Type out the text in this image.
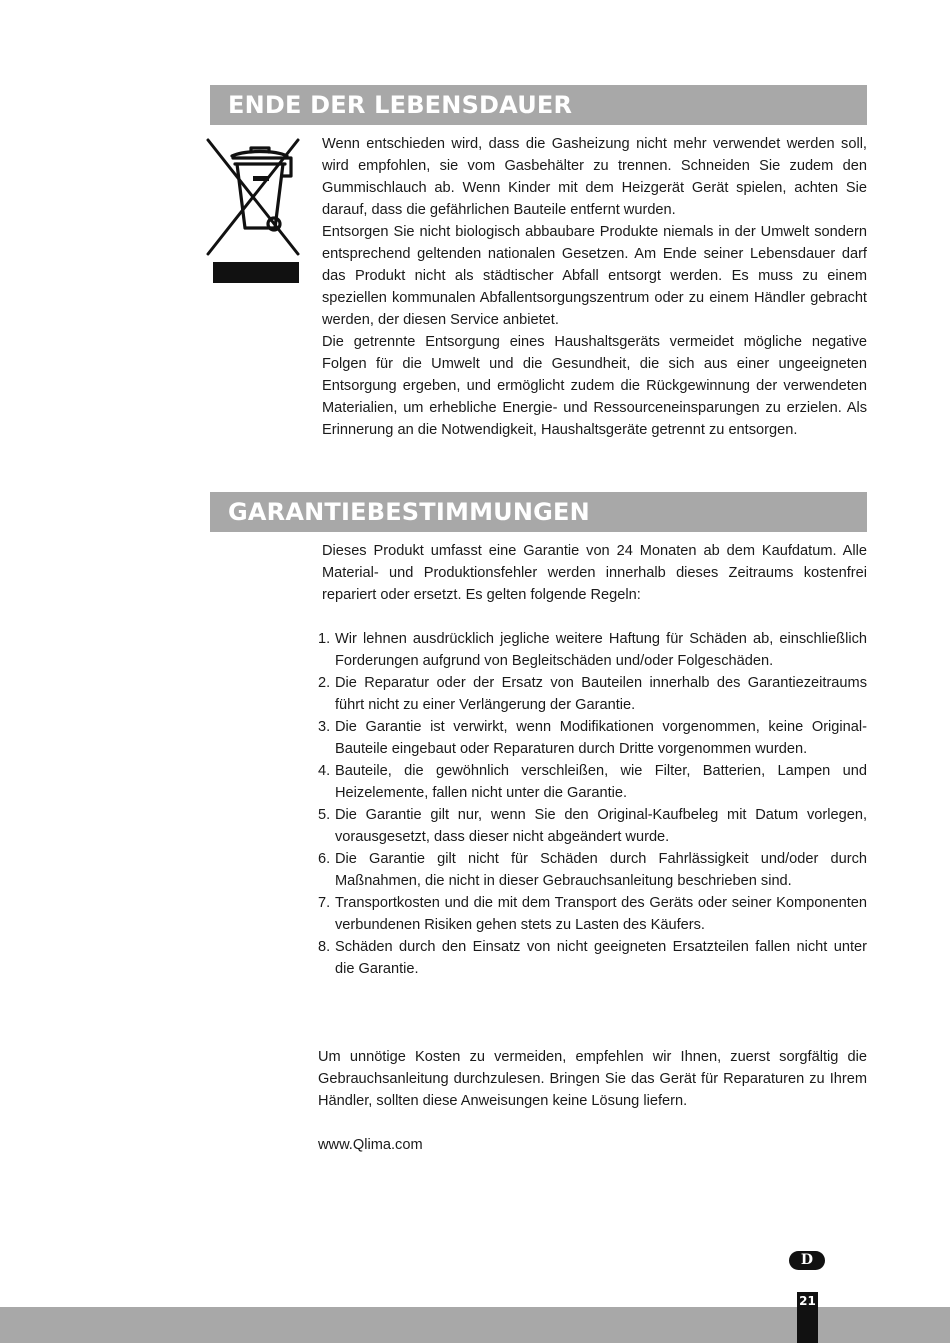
ENDE DER LEBENSDAUER

Wenn entschieden wird, dass die Gasheizung nicht mehr verwendet werden soll, wird empfohlen, sie vom Gasbehälter zu trennen. Schneiden Sie zudem den Gummischlauch ab. Wenn Kinder mit dem Heizgerät Gerät spielen, achten Sie darauf, dass die gefährlichen Bauteile entfernt wurden.

Entsorgen Sie nicht biologisch abbaubare Produkte niemals in der Umwelt sondern entsprechend geltenden nationalen Gesetzen. Am Ende seiner Lebensdauer darf das Produkt nicht als städtischer Abfall entsorgt werden. Es muss zu einem speziellen kommunalen Abfallentsorgungszentrum oder zu einem Händler gebracht werden, der diesen Service anbietet.

Die getrennte Entsorgung eines Haushaltsgeräts vermeidet mögliche negative Folgen für die Umwelt und die Gesundheit, die sich aus einer ungeeigneten Entsorgung ergeben, und ermöglicht zudem die Rückgewinnung der verwendeten Materialien, um erhebliche Energie- und Ressourceneinsparungen zu erzielen. Als Erinnerung an die Notwendigkeit, Haushaltsgeräte getrennt zu entsorgen.

GARANTIEBESTIMMUNGEN

Dieses Produkt umfasst eine Garantie von 24 Monaten ab dem Kaufdatum. Alle Material- und Produktionsfehler werden innerhalb dieses Zeitraums kostenfrei repariert oder ersetzt. Es gelten folgende Regeln:

1. Wir lehnen ausdrücklich jegliche weitere Haftung für Schäden ab, einschließlich Forderungen aufgrund von Begleitschäden und/oder Folgeschäden.
2. Die Reparatur oder der Ersatz von Bauteilen innerhalb des Garantiezeitraums führt nicht zu einer Verlängerung der Garantie.
3. Die Garantie ist verwirkt, wenn Modifikationen vorgenommen, keine Original-Bauteile eingebaut oder Reparaturen durch Dritte vorgenommen wurden.
4. Bauteile, die gewöhnlich verschleißen, wie Filter, Batterien, Lampen und Heizelemente, fallen nicht unter die Garantie.
5. Die Garantie gilt nur, wenn Sie den Original-Kaufbeleg mit Datum vorlegen, vorausgesetzt, dass dieser nicht abgeändert wurde.
6. Die Garantie gilt nicht für Schäden durch Fahrlässigkeit und/oder durch Maßnahmen, die nicht in dieser Gebrauchsanleitung beschrieben sind.
7. Transportkosten und die mit dem Transport des Geräts oder seiner Komponenten verbundenen Risiken gehen stets zu Lasten des Käufers.
8. Schäden durch den Einsatz von nicht geeigneten Ersatzteilen fallen nicht unter die Garantie.

Um unnötige Kosten zu vermeiden, empfehlen wir Ihnen, zuerst sorgfältig die Gebrauchsanleitung durchzulesen. Bringen Sie das Gerät für Reparaturen zu Ihrem Händler, sollten diese Anweisungen keine Lösung liefern.

www.Qlima.com
D
21
